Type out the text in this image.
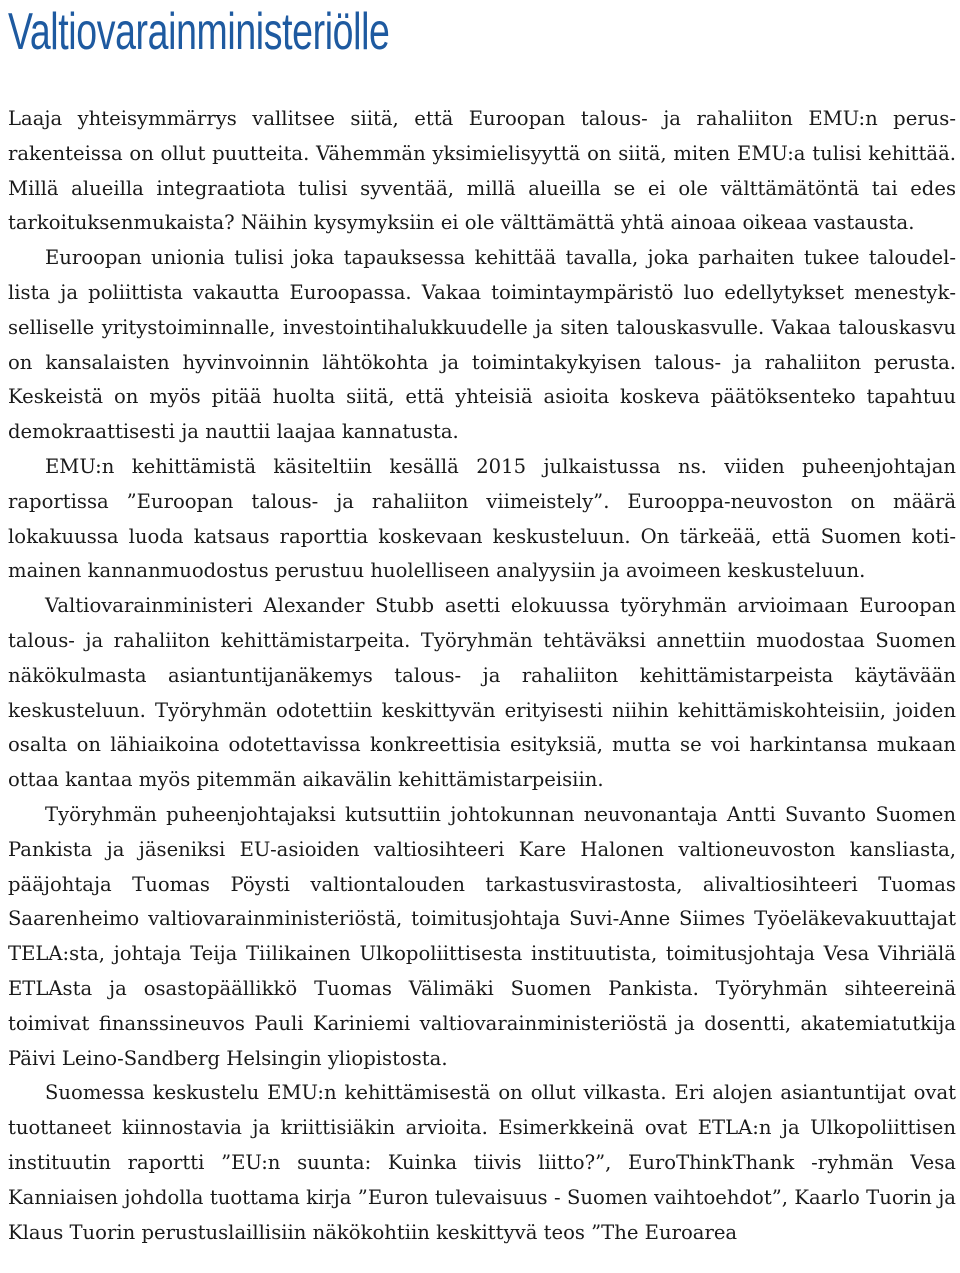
Valtiovarainministeriölle

Laaja yhteisymmärrys vallitsee siitä, että Euroopan talous- ja rahaliiton EMU:n perusrakenteissa on ollut puutteita. Vähemmän yksimielisyyttä on siitä, miten EMU:a tulisi kehittää. Millä alueilla integraatiota tulisi syventää, millä alueilla se ei ole välttämätöntä tai edes tarkoituksenmukaista? Näihin kysymyksiin ei ole välttämättä yhtä ainoaa oikeaa vastausta.

Euroopan unionia tulisi joka tapauksessa kehittää tavalla, joka parhaiten tukee taloudellista ja poliittista vakautta Euroopassa. Vakaa toimintaympäristö luo edellytykset menestykselliselle yritystoiminnalle, investointihalukkuudelle ja siten talouskasvulle. Vakaa talouskasvu on kansalaisten hyvinvoinnin lähtökohta ja toimintakykyisen talous- ja rahaliiton perusta. Keskeistä on myös pitää huolta siitä, että yhteisiä asioita koskeva päätöksenteko tapahtuu demokraattisesti ja nauttii laajaa kannatusta.

EMU:n kehittämistä käsiteltiin kesällä 2015 julkaistussa ns. viiden puheenjohtajan raportissa ”Euroopan talous- ja rahaliiton viimeistely”. Eurooppa-neuvoston on määrä lokakuussa luoda katsaus raporttia koskevaan keskusteluun. On tärkeää, että Suomen kotimainen kannanmuodostus perustuu huolelliseen analyysiin ja avoimeen keskusteluun.

Valtiovarainministeri Alexander Stubb asetti elokuussa työryhmän arvioimaan Euroopan talous- ja rahaliiton kehittämistarpeita. Työryhmän tehtäväksi annettiin muodostaa Suomen näkökulmasta asiantuntijanäkemys talous- ja rahaliiton kehittämistarpeista käytävään keskusteluun. Työryhmän odotettiin keskittyvän erityisesti niihin kehittämiskohteisiin, joiden osalta on lähiaikoina odotettavissa konkreettisia esityksiä, mutta se voi harkintansa mukaan ottaa kantaa myös pitemmän aikavälin kehittämistarpeisiin.

Työryhmän puheenjohtajaksi kutsuttiin johtokunnan neuvonantaja Antti Suvanto Suomen Pankista ja jäseniksi EU-asioiden valtiosihteeri Kare Halonen valtioneuvoston kansliasta, pääjohtaja Tuomas Pöysti valtiontalouden tarkastusvirastosta, alivaltiosihteeri Tuomas Saarenheimo valtiovarainministeriöstä, toimitusjohtaja Suvi-Anne Siimes Työeläkevakuuttajat TELA:sta, johtaja Teija Tiilikainen Ulkopoliittisesta instituutista, toimitusjohtaja Vesa Vihriälä ETLAsta ja osastopäällikkö Tuomas Välimäki Suomen Pankista. Työryhmän sihteereinä toimivat finanssineuvos Pauli Kariniemi valtiovarainministeriöstä ja dosentti, akatemiatutkija Päivi Leino-Sandberg Helsingin yliopistosta.

Suomessa keskustelu EMU:n kehittämisestä on ollut vilkasta. Eri alojen asiantuntijat ovat tuottaneet kiinnostavia ja kriittisiäkin arvioita. Esimerkkeinä ovat ETLA:n ja Ulkopoliittisen instituutin raportti ”EU:n suunta: Kuinka tiivis liitto?”, EuroThinkThank -ryhmän Vesa Kanniaisen johdolla tuottama kirja ”Euron tulevaisuus - Suomen vaihtoehdot”, Kaarlo Tuorin ja Klaus Tuorin perustuslaillisiin näkökohtiin keskittyvä teos ”The Euroarea
